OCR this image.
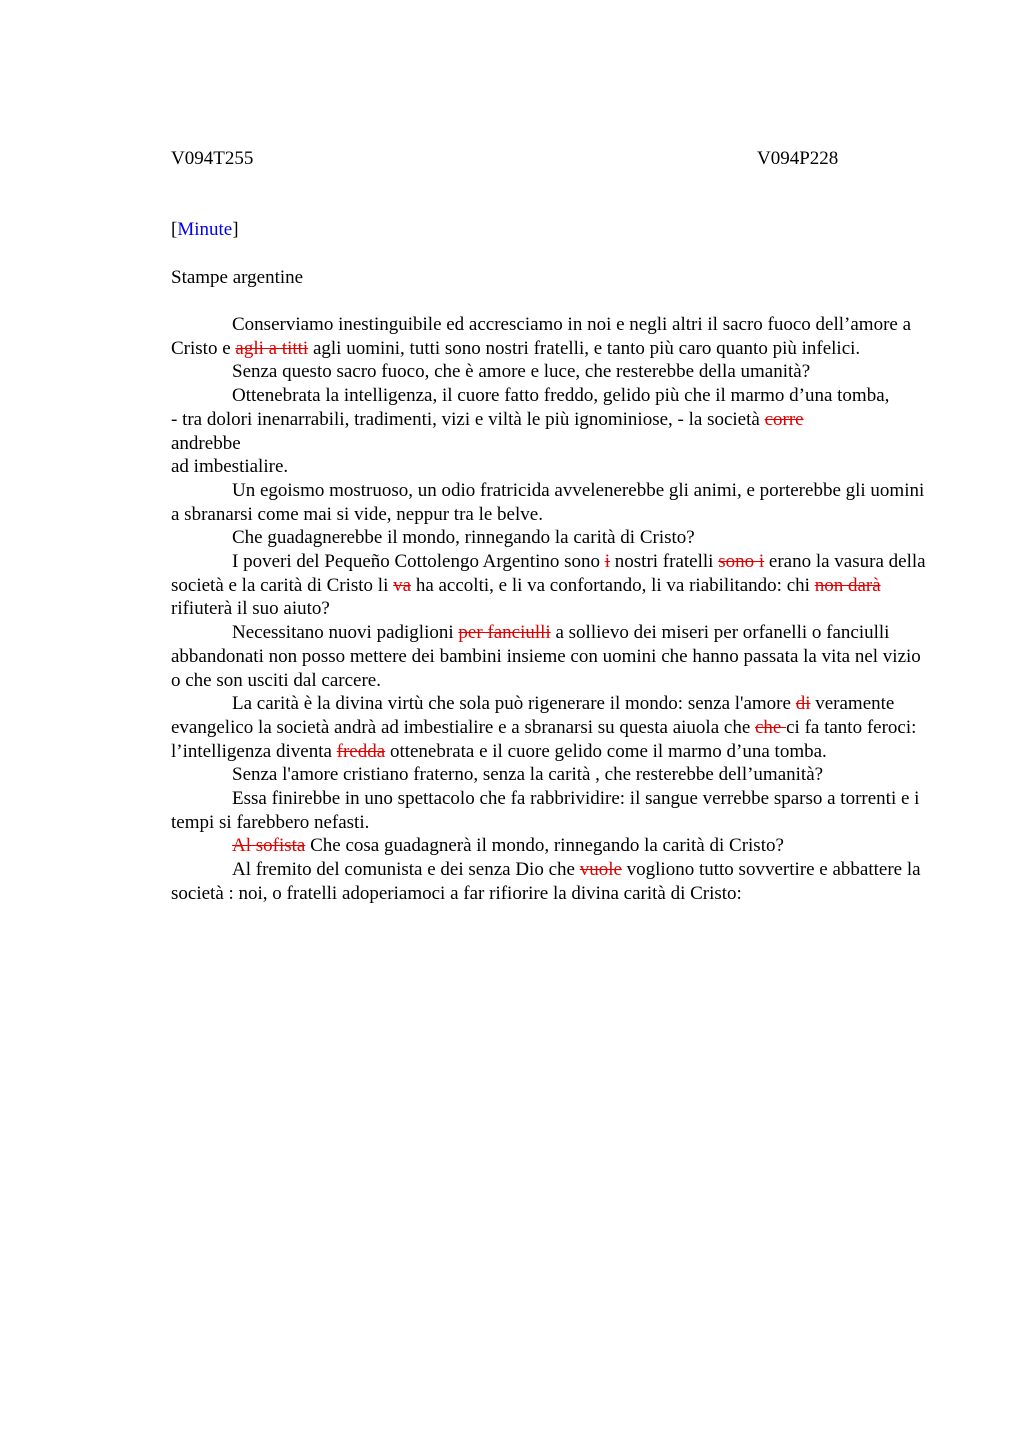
V094T255	V094P228
[Minute]
Stampe argentine

Conserviamo inestinguibile ed accresciamo in noi e negli altri il sacro fuoco dell’amore a Cristo e agli a titti agli uomini, tutti sono nostri fratelli, e tanto più caro quanto più infelici.

Senza questo sacro fuoco, che è amore e luce, che resterebbe della umanità?

Ottenebrata la intelligenza, il cuore fatto freddo, gelido più che il marmo d’una tomba,

- tra dolori inenarrabili, tradimenti, vizi e viltà le più ignominiose, - la società corre

andrebbe

ad imbestialire.

Un egoismo mostruoso, un odio fratricida avvelenerebbe gli animi, e porterebbe gli uomini a sbranarsi come mai si vide, neppur tra le belve.

Che guadagnerebbe il mondo, rinnegando la carità di Cristo?

I poveri del Pequeño Cottolengo Argentino sono i nostri fratelli sono i erano la vasura della società e la carità di Cristo li va ha accolti, e li va confortando, li va riabilitando: chi non darà rifiuterà il suo aiuto?

Necessitano nuovi padiglioni per fanciulli a sollievo dei miseri per orfanelli o fanciulli abbandonati non posso mettere dei bambini insieme con uomini che hanno passata la vita nel vizio o che son usciti dal carcere.

La carità è la divina virtù che sola può rigenerare il mondo: senza l'amore di veramente evangelico la società andrà ad imbestialire e a sbranarsi su questa aiuola che che ci fa tanto feroci: l’intelligenza diventa fredda ottenebrata e il cuore gelido come il marmo d’una tomba.

Senza l'amore cristiano fraterno, senza la carità , che resterebbe dell’umanità?

Essa finirebbe in uno spettacolo che fa rabbrividire: il sangue verrebbe sparso a torrenti e i tempi si farebbero nefasti.

Al sofista Che cosa guadagnerà il mondo, rinnegando la carità di Cristo?

Al fremito del comunista e dei senza Dio che vuole vogliono tutto sovvertire e abbattere la società : noi, o fratelli adoperiamoci a far rifiorire la divina carità di Cristo:
